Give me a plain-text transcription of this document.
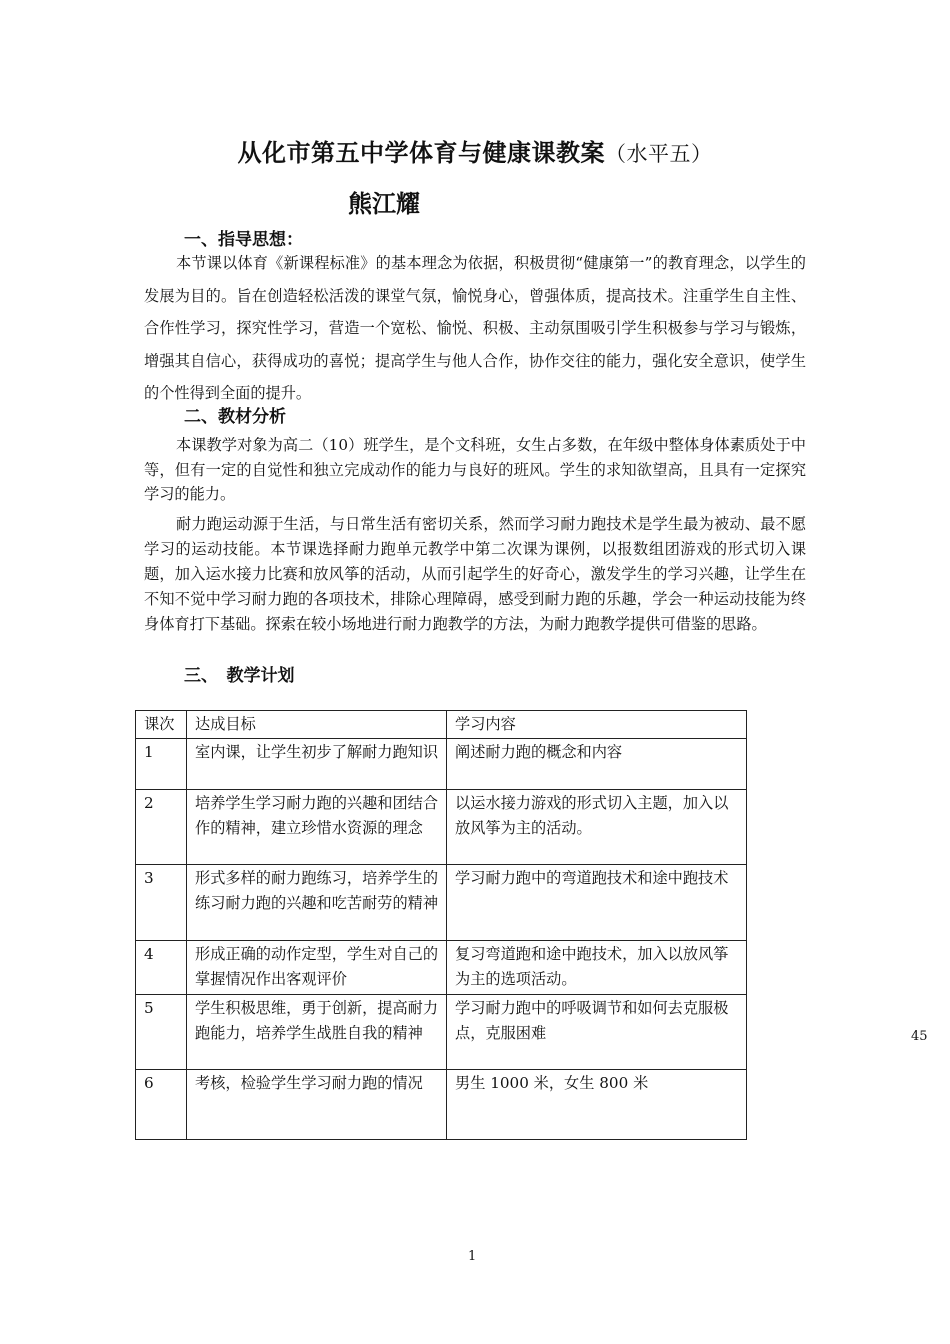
从化市第五中学体育与健康课教案（水平五）
熊江耀
一、指导思想：
本节课以体育《新课程标准》的基本理念为依据，积极贯彻“健康第一”的教育理念，以学生的发展为目的。旨在创造轻松活泼的课堂气氛，愉悦身心，曾强体质，提高技术。注重学生自主性、合作性学习，探究性学习，营造一个宽松、愉悦、积极、主动氛围吸引学生积极参与学习与锻炼，增强其自信心，获得成功的喜悦；提高学生与他人合作，协作交往的能力，强化安全意识，使学生的个性得到全面的提升。
二、教材分析
本课教学对象为高二（10）班学生，是个文科班，女生占多数，在年级中整体身体素质处于中等，但有一定的自觉性和独立完成动作的能力与良好的班风。学生的求知欲望高，且具有一定探究学习的能力。
耐力跑运动源于生活，与日常生活有密切关系，然而学习耐力跑技术是学生最为被动、最不愿学习的运动技能。本节课选择耐力跑单元教学中第二次课为课例，以报数组团游戏的形式切入课题，加入运水接力比赛和放风筝的活动，从而引起学生的好奇心，激发学生的学习兴趣，让学生在不知不觉中学习耐力跑的各项技术，排除心理障碍，感受到耐力跑的乐趣，学会一种运动技能为终身体育打下基础。探索在较小场地进行耐力跑教学的方法，为耐力跑教学提供可借鉴的思路。
三、　教学计划
课次	达成目标	学习内容
1	室内课，让学生初步了解耐力跑知识	阐述耐力跑的概念和内容
2	培养学生学习耐力跑的兴趣和团结合作的精神，建立珍惜水资源的理念	以运水接力游戏的形式切入主题，加入以放风筝为主的活动。
3	形式多样的耐力跑练习，培养学生的练习耐力跑的兴趣和吃苦耐劳的精神	学习耐力跑中的弯道跑技术和途中跑技术
4	形成正确的动作定型，学生对自己的掌握情况作出客观评价	复习弯道跑和途中跑技术，加入以放风筝为主的选项活动。
5	学生积极思维，勇于创新，提高耐力跑能力，培养学生战胜自我的精神	学习耐力跑中的呼吸调节和如何去克服极点，克服困难
6	考核，检验学生学习耐力跑的情况	男生 1000 米，女生 800 米
45
1
